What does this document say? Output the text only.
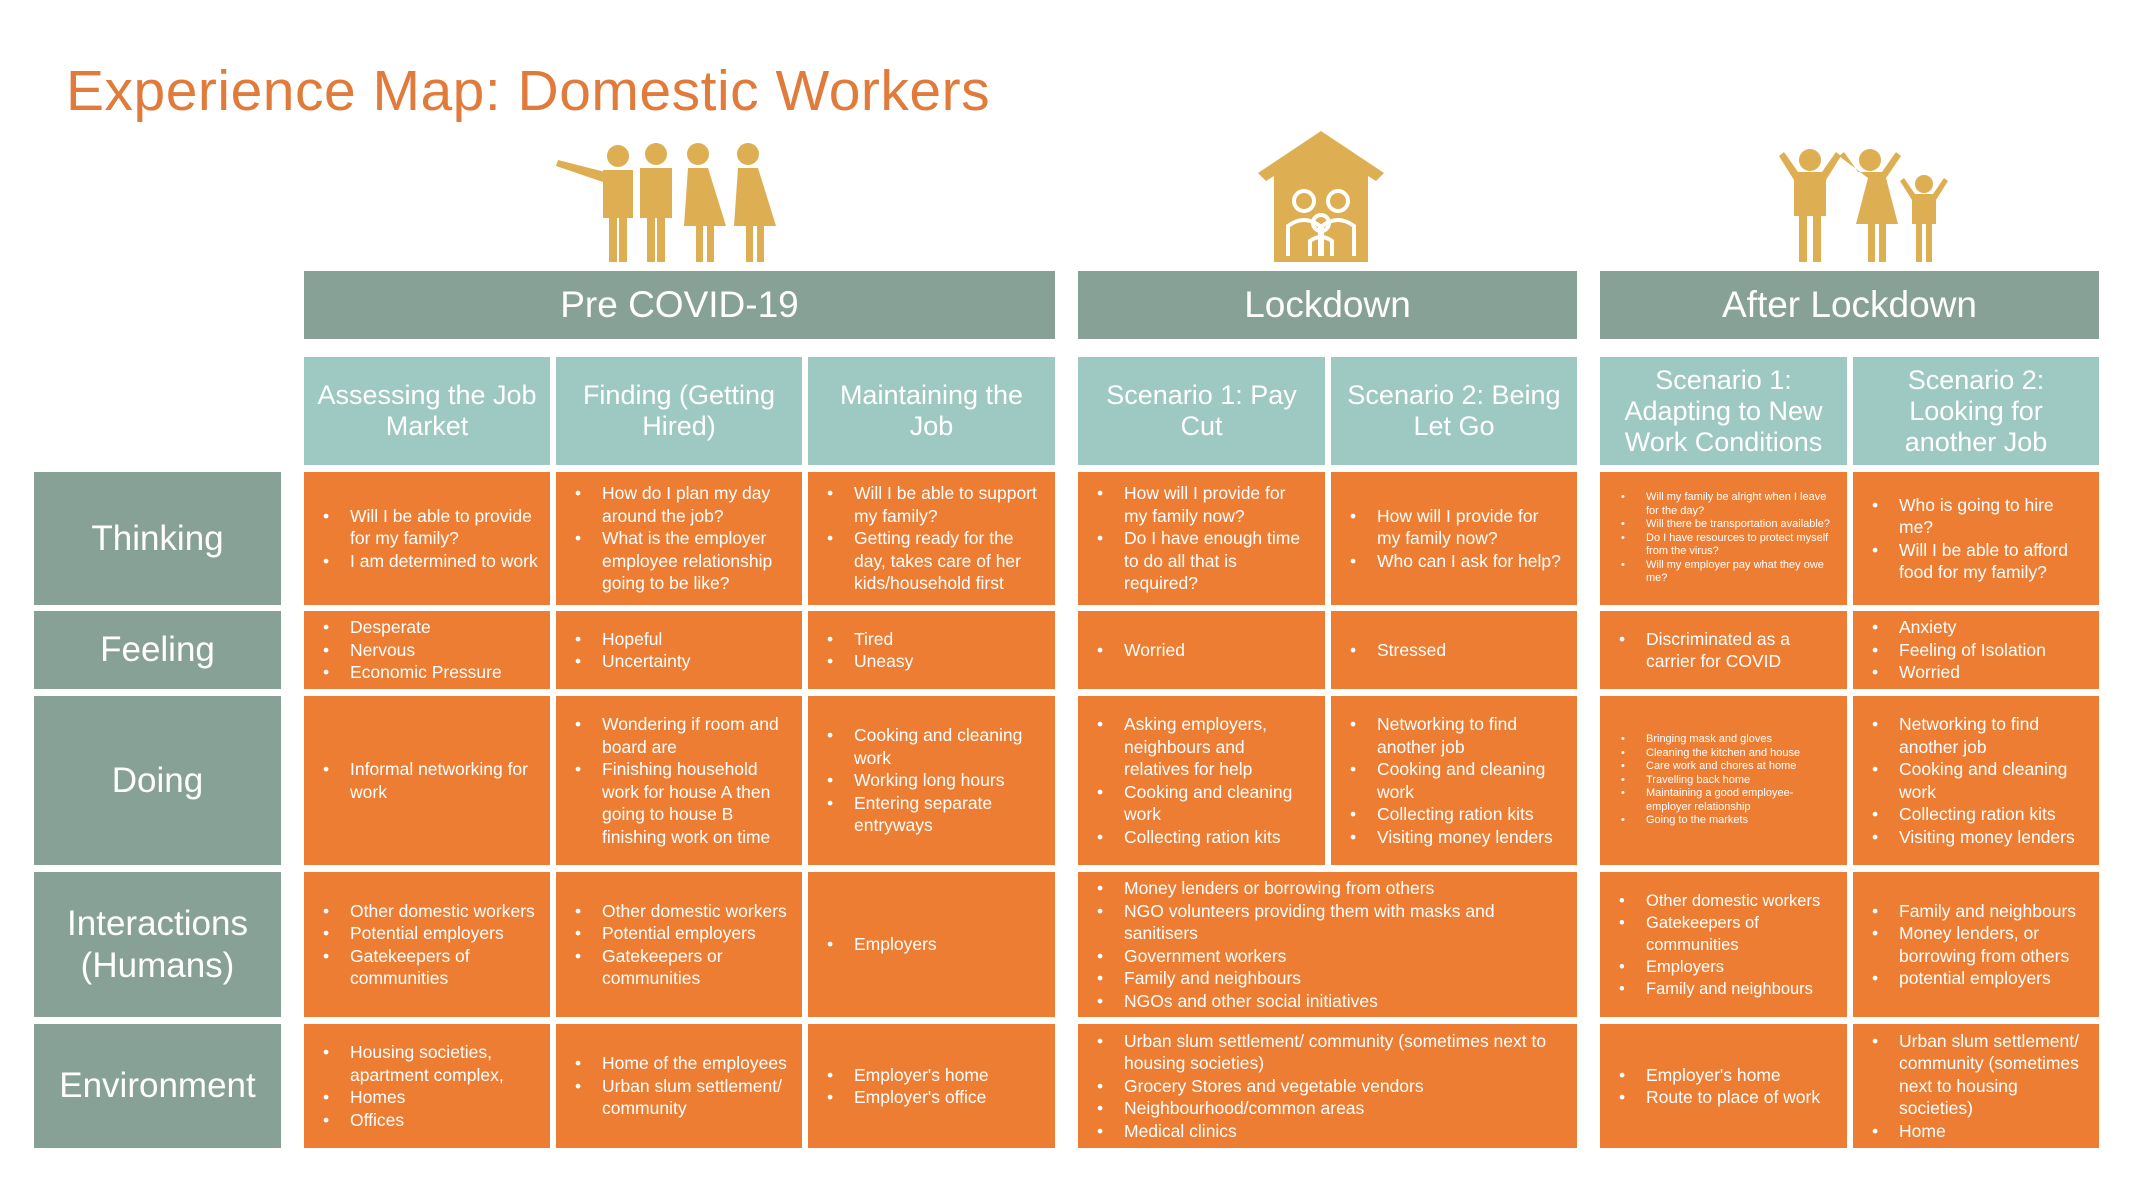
Experience Map: Domestic Workers
Pre COVID-19	Lockdown	After Lockdown
Assessing the Job Market
Finding (Getting Hired)
Maintaining the Job
Scenario 1: Pay Cut
Scenario 2: Being Let Go
Scenario 1: Adapting to New Work Conditions
Scenario 2: Looking for another Job
Thinking
Feeling
Doing
Interactions (Humans)
Environment
• Will I be able to provide for my family?
• I am determined to work
• How do I plan my day around the job?
• What is the employer employee relationship going to be like?
• Will I be able to support my family?
• Getting ready for the day, takes care of her kids/household first
• How will I provide for my family now?
• Do I have enough time to do all that is required?
• How will I provide for my family now?
• Who can I ask for help?
• Will my family be alright when I leave for the day?
• Will there be transportation available?
• Do I have resources to protect myself from the virus?
• Will my employer pay what they owe me?
• Who is going to hire me?
• Will I be able to afford food for my family?
• Desperate
• Nervous
• Economic Pressure
• Hopeful
• Uncertainty
• Tired
• Uneasy
• Worried
•	Stressed
• Discriminated as a carrier for COVID
• Anxiety
• Feeling of Isolation
• Worried
• Informal networking for work
• Wondering if room and board are
• Finishing household work for house A then going to house B finishing work on time
• Cooking and cleaning work
• Working long hours
• Entering separate entryways
• Asking employers, neighbours and relatives for help
• Cooking and cleaning work
• Collecting ration kits
• Networking to find another job
• Cooking and cleaning work
• Collecting ration kits
• Visiting money lenders
• Bringing mask and gloves
• Cleaning the kitchen and house
• Care work and chores at home
• Travelling back home
• Maintaining a good employee-employer relationship
• Going to the markets
• Networking to find another job
• Cooking and cleaning work
• Collecting ration kits
• Visiting money lenders
• Other domestic workers
• Potential employers
• Gatekeepers of communities
• Other domestic workers
• Potential employers
• Gatekeepers or communities
• Employers
• Money lenders or borrowing from others
• NGO volunteers providing them with masks and sanitisers
• Government workers
• Family and neighbours
• NGOs and other social initiatives
• Other domestic workers
• Gatekeepers of communities
• Employers
• Family and neighbours
• Family and neighbours
• Money lenders, or borrowing from others
• potential employers
• Housing societies, apartment complex,
• Homes
• Offices
• Home of the employees
• Urban slum settlement/ community
• Employer's home
• Employer's office
• Urban slum settlement/ community (sometimes next to housing societies)
• Grocery Stores and vegetable vendors
• Neighbourhood/common areas
• Medical clinics
• Employer's home
• Route to place of work
• Urban slum settlement/ community (sometimes next to housing societies)
• Home
